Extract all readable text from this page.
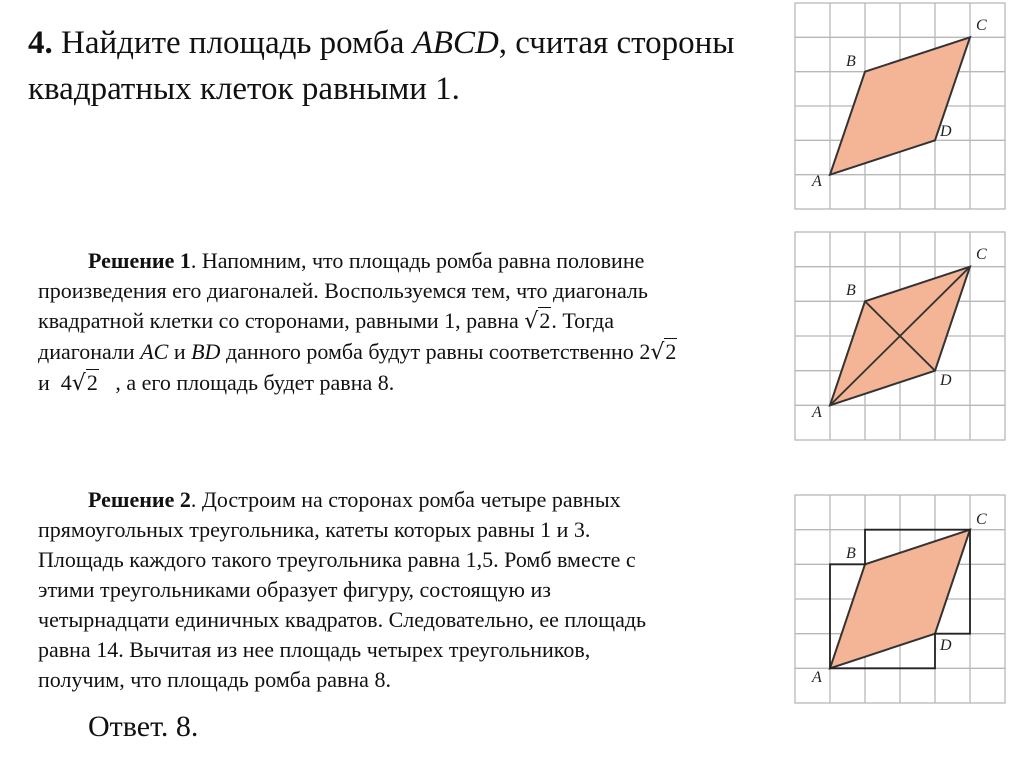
4. Найдите площадь ромба ABCD, считая стороны
квадратных клеток равными 1.
Решение 1. Напомним, что площадь ромба равна половине
произведения его диагоналей. Воспользуемся тем, что диагональ
квадратной клетки со сторонами, равными 1, равна √2. Тогда
диагонали AC и BD данного ромба будут равны соответственно 2√2
и 4√2 , а его площадь будет равна 8.
Решение 2. Достроим на сторонах ромба четыре равных
прямоугольных треугольника, катеты которых равны 1 и 3.
Площадь каждого такого треугольника равна 1,5. Ромб вместе с
этими треугольниками образует фигуру, состоящую из
четырнадцати единичных квадратов. Следовательно, ее площадь
равна 14. Вычитая из нее площадь четырех треугольников,
получим, что площадь ромба равна 8.
Ответ. 8.
A
B
C
D
A
B
C
D
A
B
C
D
